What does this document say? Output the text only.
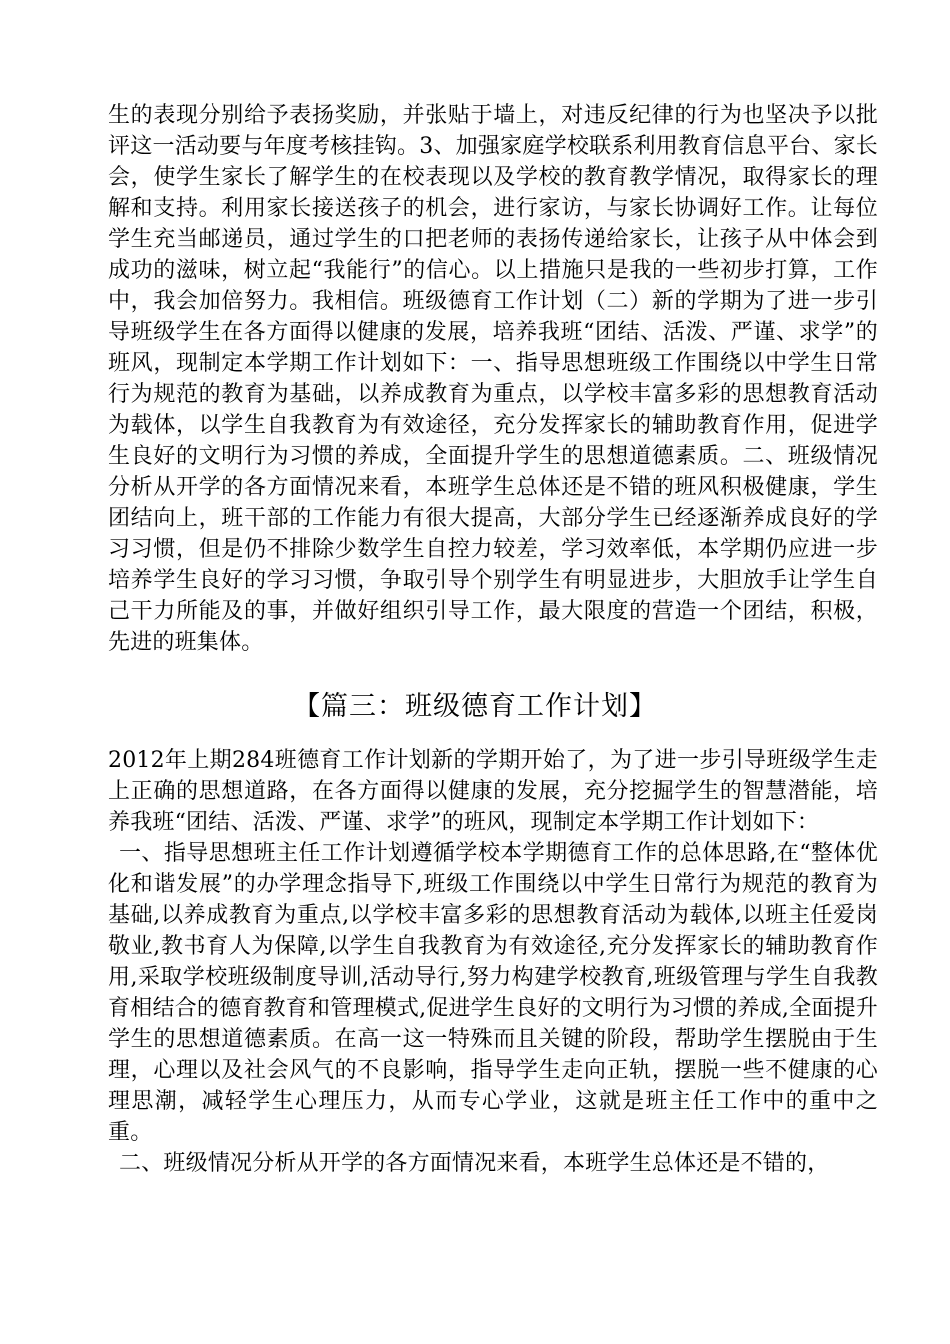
生的表现分别给予表扬奖励，并张贴于墙上，对违反纪律的行为也坚决予以批评这一活动要与年度考核挂钩。3、加强家庭学校联系利用教育信息平台、家长会，使学生家长了解学生的在校表现以及学校的教育教学情况，取得家长的理解和支持。利用家长接送孩子的机会，进行家访，与家长协调好工作。让每位学生充当邮递员，通过学生的口把老师的表扬传递给家长，让孩子从中体会到成功的滋味，树立起“我能行”的信心。以上措施只是我的一些初步打算，工作中，我会加倍努力。我相信。班级德育工作计划（二）新的学期为了进一步引导班级学生在各方面得以健康的发展，培养我班“团结、活泼、严谨、求学”的班风，现制定本学期工作计划如下：一、指导思想班级工作围绕以中学生日常行为规范的教育为基础，以养成教育为重点，以学校丰富多彩的思想教育活动为载体，以学生自我教育为有效途径，充分发挥家长的辅助教育作用，促进学生良好的文明行为习惯的养成，全面提升学生的思想道德素质。二、班级情况分析从开学的各方面情况来看，本班学生总体还是不错的班风积极健康，学生团结向上，班干部的工作能力有很大提高，大部分学生已经逐渐养成良好的学习习惯，但是仍不排除少数学生自控力较差，学习效率低，本学期仍应进一步培养学生良好的学习习惯，争取引导个别学生有明显进步，大胆放手让学生自己干力所能及的事，并做好组织引导工作，最大限度的营造一个团结，积极，先进的班集体。

【篇三：班级德育工作计划】

2012年上期284班德育工作计划新的学期开始了，为了进一步引导班级学生走上正确的思想道路，在各方面得以健康的发展，充分挖掘学生的智慧潜能，培养我班“团结、活泼、严谨、求学”的班风，现制定本学期工作计划如下：

一、指导思想班主任工作计划遵循学校本学期德育工作的总体思路,在“整体优化和谐发展”的办学理念指导下,班级工作围绕以中学生日常行为规范的教育为基础,以养成教育为重点,以学校丰富多彩的思想教育活动为载体,以班主任爱岗敬业,教书育人为保障,以学生自我教育为有效途径,充分发挥家长的辅助教育作用,采取学校班级制度导训,活动导行,努力构建学校教育,班级管理与学生自我教育相结合的德育教育和管理模式,促进学生良好的文明行为习惯的养成,全面提升学生的思想道德素质。在高一这一特殊而且关键的阶段，帮助学生摆脱由于生理，心理以及社会风气的不良影响，指导学生走向正轨，摆脱一些不健康的心理思潮，减轻学生心理压力，从而专心学业，这就是班主任工作中的重中之重。

二、班级情况分析从开学的各方面情况来看，本班学生总体还是不错的，
